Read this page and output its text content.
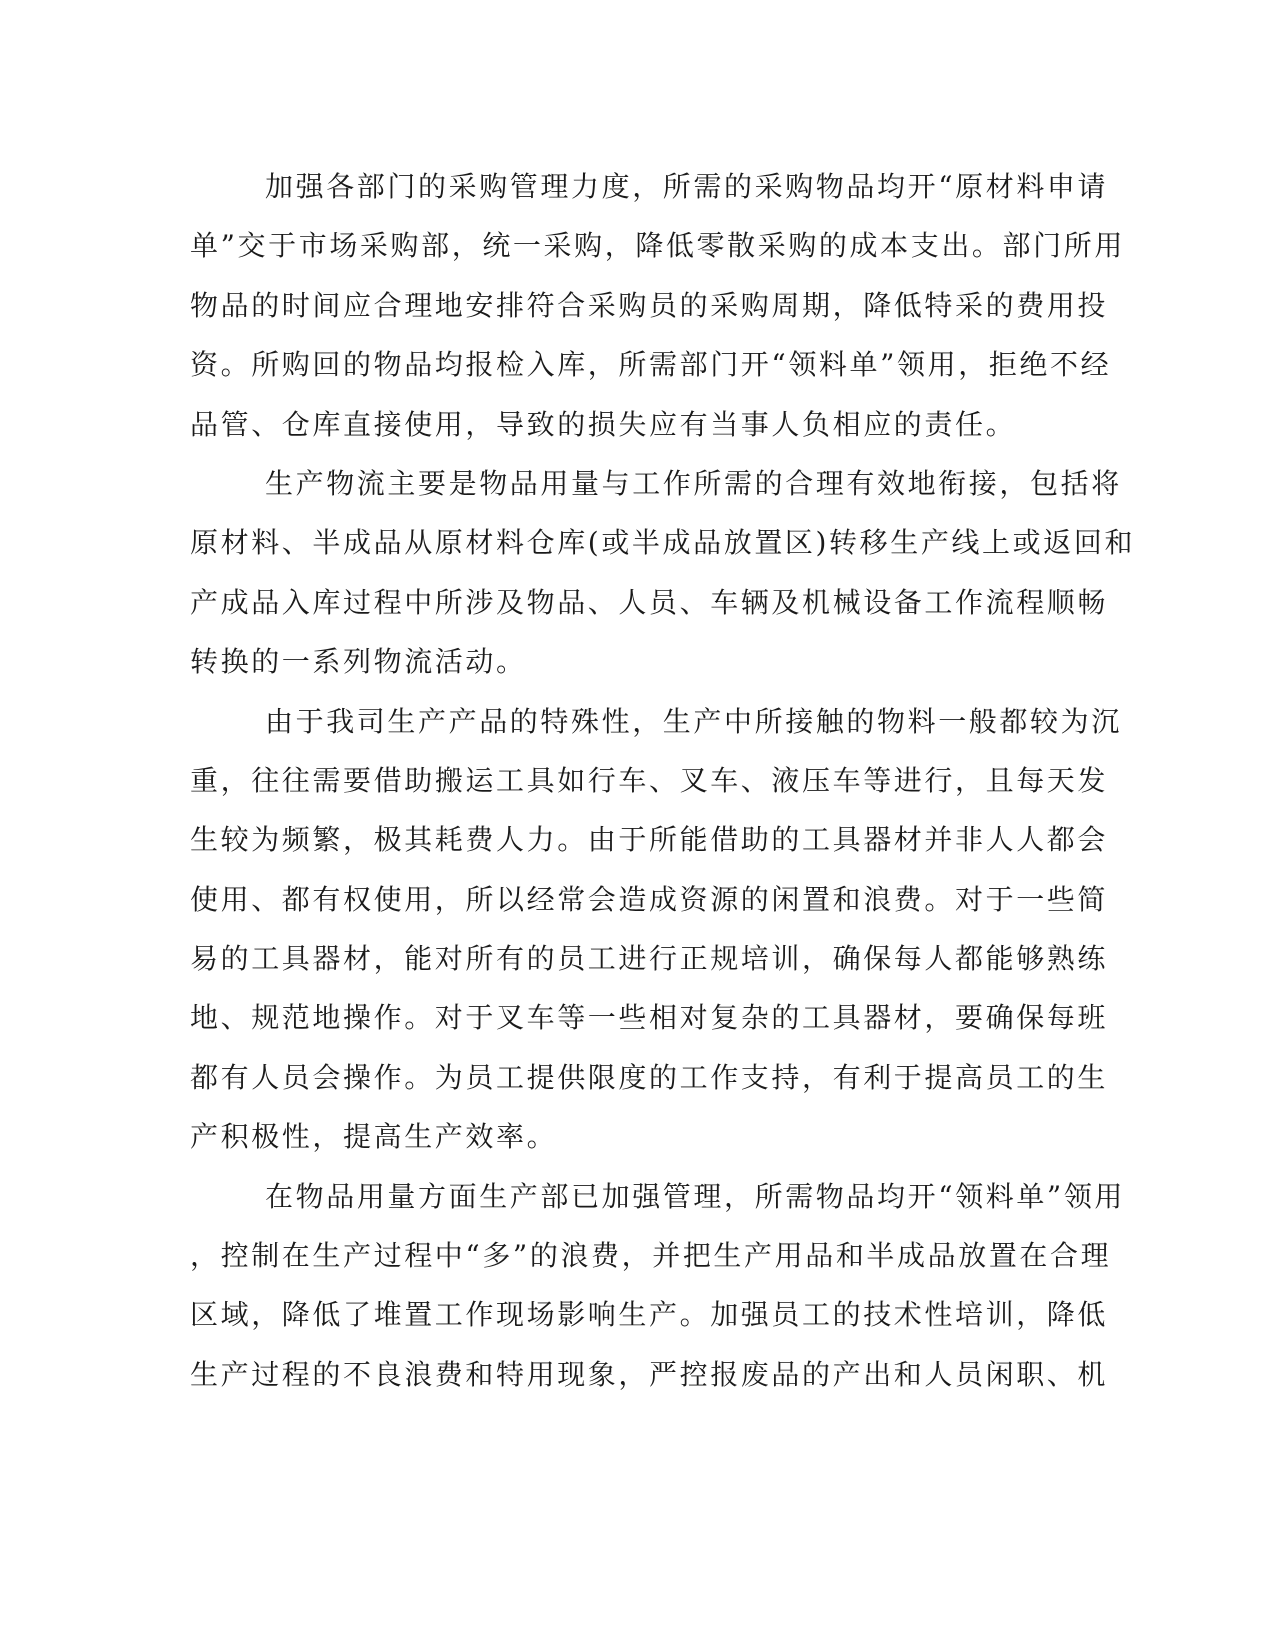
加强各部门的采购管理力度，所需的采购物品均开“原材料申请
单”交于市场采购部，统一采购，降低零散采购的成本支出。部门所用
物品的时间应合理地安排符合采购员的采购周期，降低特采的费用投
资。所购回的物品均报检入库，所需部门开“领料单”领用，拒绝不经
品管、仓库直接使用，导致的损失应有当事人负相应的责任。
生产物流主要是物品用量与工作所需的合理有效地衔接，包括将
原材料、半成品从原材料仓库(或半成品放置区)转移生产线上或返回和
产成品入库过程中所涉及物品、人员、车辆及机械设备工作流程顺畅
转换的一系列物流活动。
由于我司生产产品的特殊性，生产中所接触的物料一般都较为沉
重，往往需要借助搬运工具如行车、叉车、液压车等进行，且每天发
生较为频繁，极其耗费人力。由于所能借助的工具器材并非人人都会
使用、都有权使用，所以经常会造成资源的闲置和浪费。对于一些简
易的工具器材，能对所有的员工进行正规培训，确保每人都能够熟练
地、规范地操作。对于叉车等一些相对复杂的工具器材，要确保每班
都有人员会操作。为员工提供限度的工作支持，有利于提高员工的生
产积极性，提高生产效率。
在物品用量方面生产部已加强管理，所需物品均开“领料单”领用
，控制在生产过程中“多”的浪费，并把生产用品和半成品放置在合理
区域，降低了堆置工作现场影响生产。加强员工的技术性培训，降低
生产过程的不良浪费和特用现象，严控报废品的产出和人员闲职、机
